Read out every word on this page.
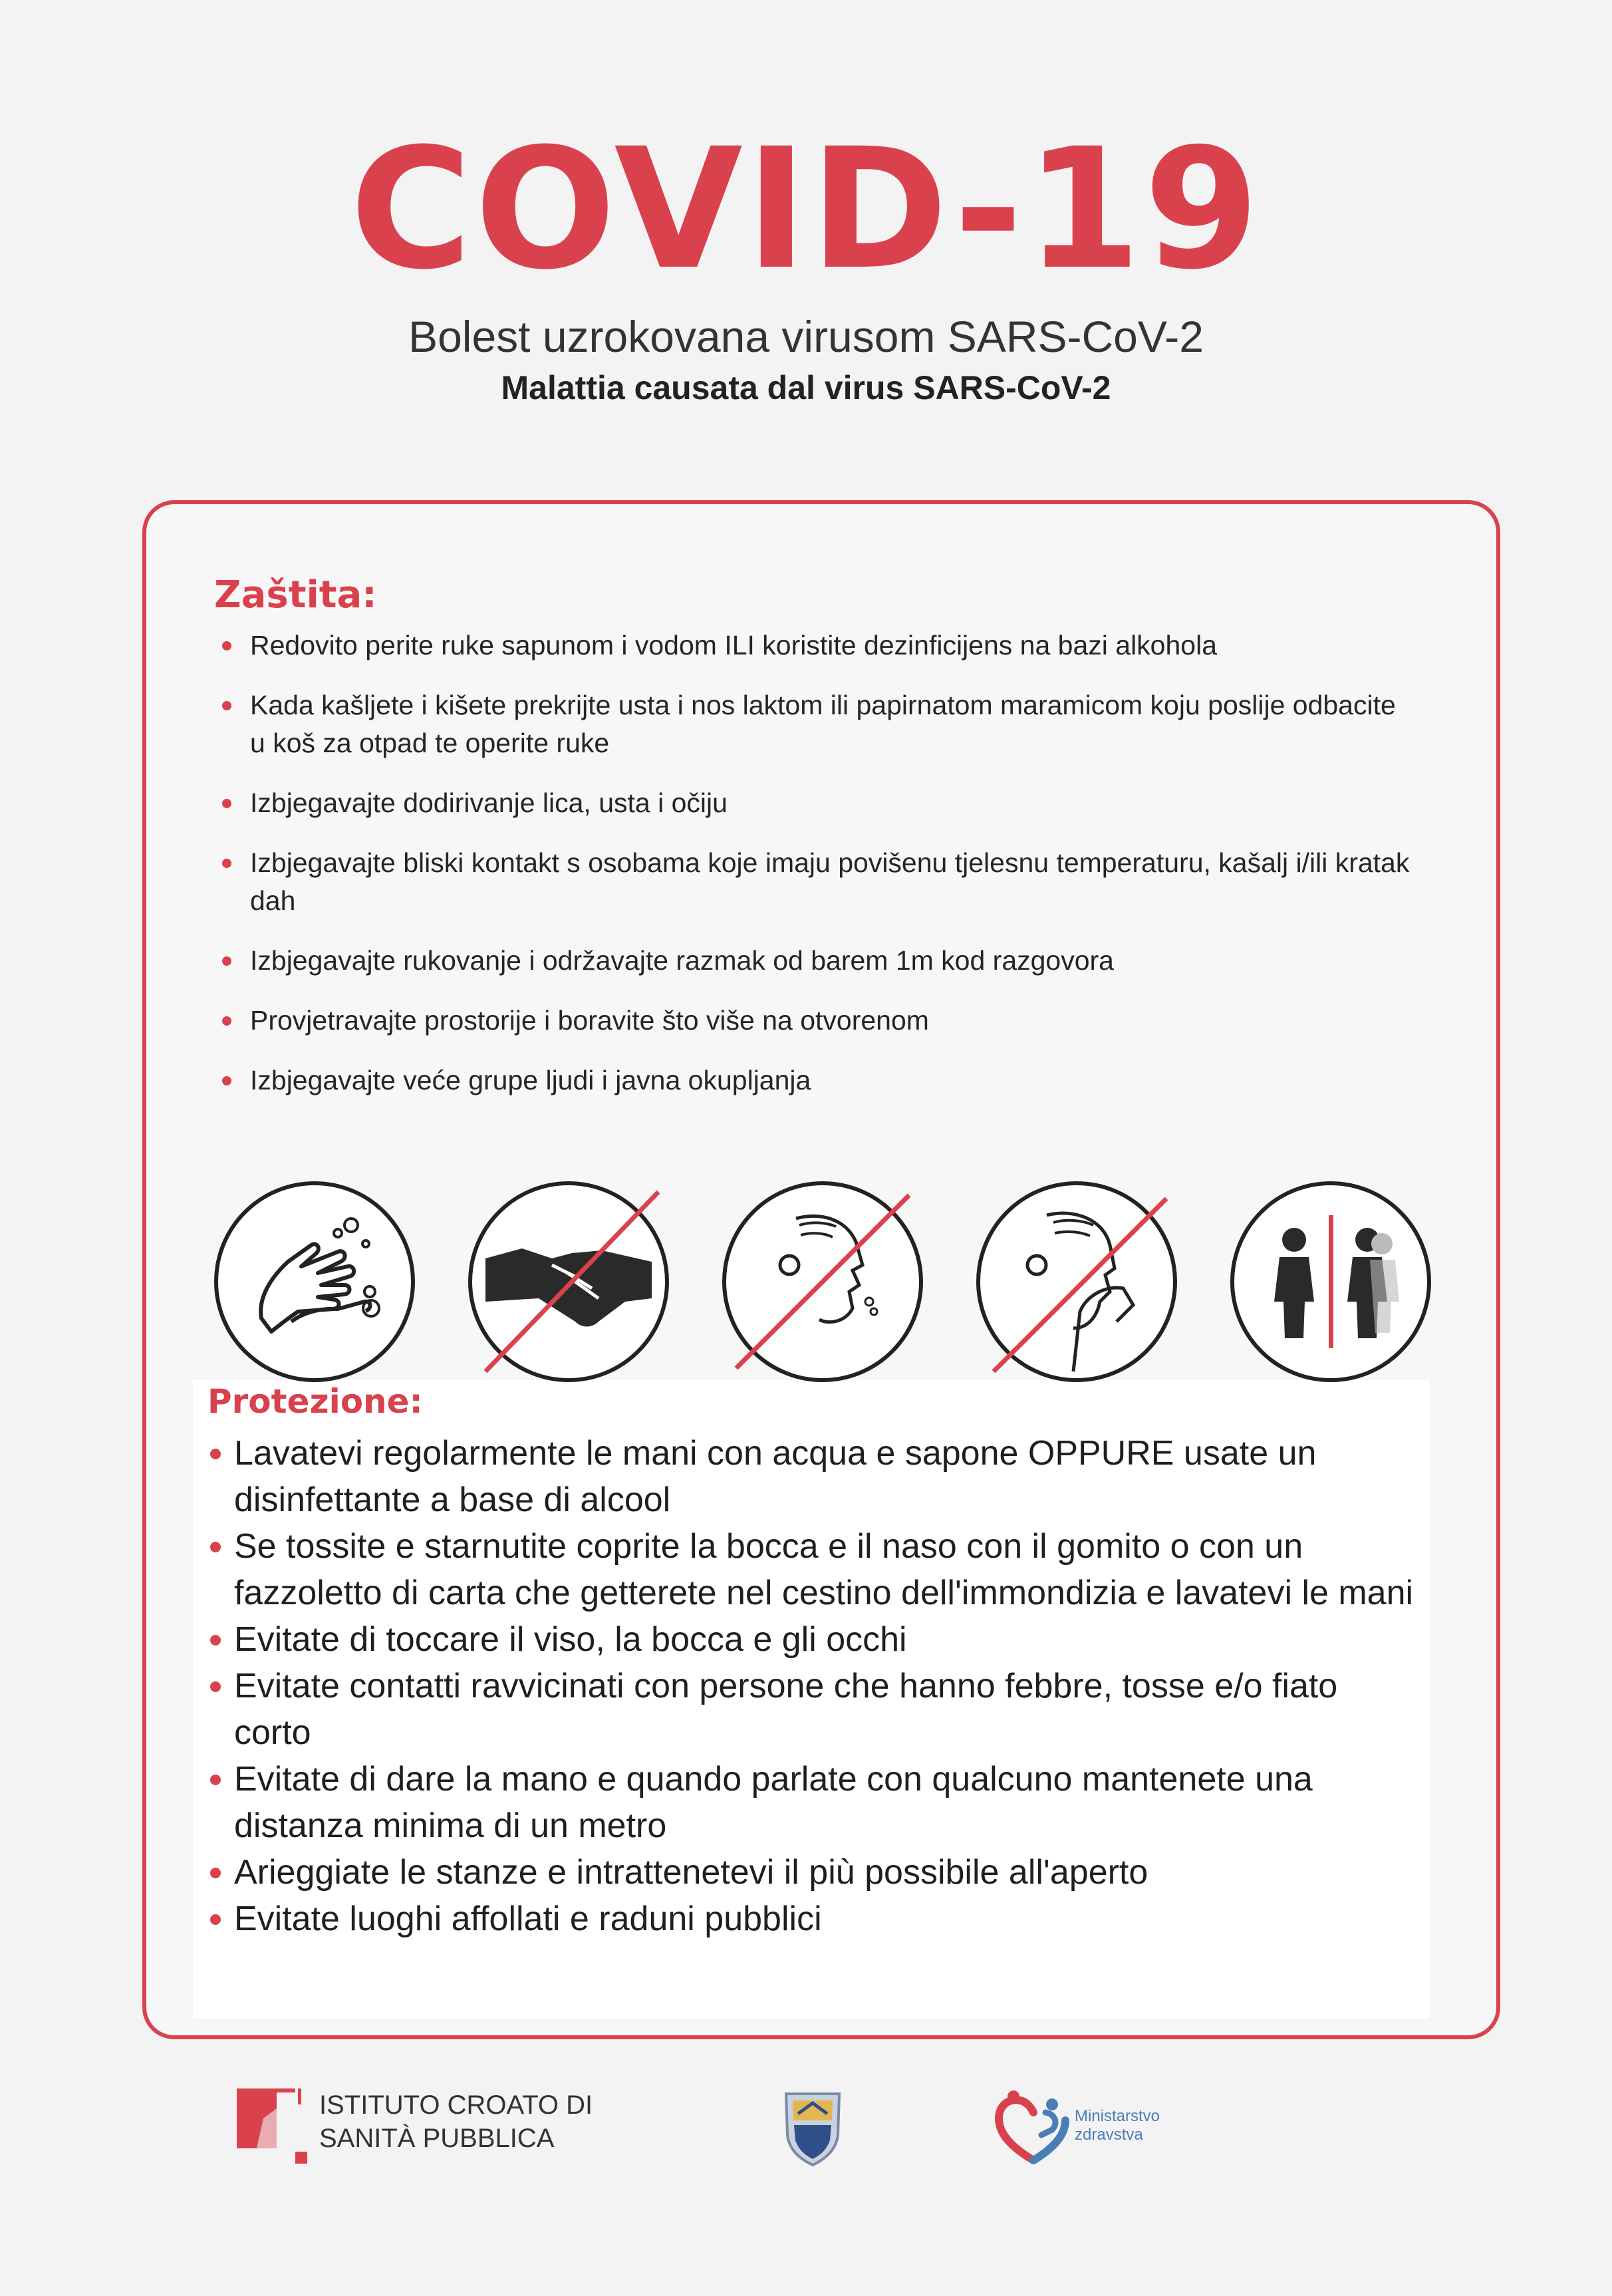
COVID-19
Bolest uzrokovana virusom SARS-CoV-2
Malattia causata dal virus SARS-CoV-2
Zaštita:
Redovito perite ruke sapunom i vodom ILI koristite dezinficijens na bazi alkohola
Kada kašljete i kišete prekrijte usta i nos laktom ili papirnatom maramicom koju poslije odbacite u koš za otpad te operite ruke
Izbjegavajte dodirivanje lica, usta i očiju
Izbjegavajte bliski kontakt s osobama koje imaju povišenu tjelesnu temperaturu, kašalj i/ili kratak dah
Izbjegavajte rukovanje i održavajte razmak od barem 1m kod razgovora
Provjetravajte prostorije i boravite što više na otvorenom
Izbjegavajte veće grupe ljudi i javna okupljanja
Protezione:
Lavatevi regolarmente le mani con acqua e sapone OPPURE usate un disinfettante a base di alcool
Se tossite e starnutite coprite la bocca e il naso con il gomito o con un fazzoletto di carta che getterete nel cestino dell'immondizia e lavatevi le mani
Evitate di toccare il viso, la bocca e gli occhi
Evitate contatti ravvicinati con persone che hanno febbre, tosse e/o fiato corto
Evitate di dare la mano e quando parlate con qualcuno mantenete una distanza minima di un metro
Arieggiate le stanze e intrattenetevi il più possibile all'aperto
Evitate luoghi affollati e raduni pubblici
ISTITUTO CROATO DI
SANITÀ PUBBLICA
Ministarstvo
zdravstva
